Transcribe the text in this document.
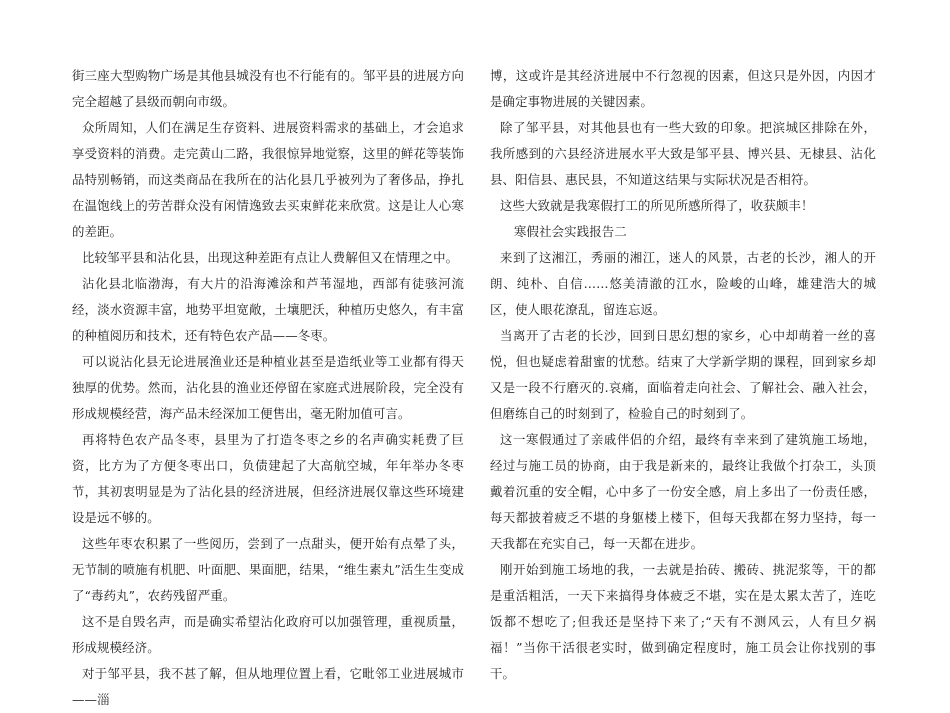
街三座大型购物广场是其他县城没有也不行能有的。邹平县的进展方向完全超越了县级而朝向市级。

众所周知，人们在满足生存资料、进展资料需求的基础上，才会追求享受资料的消费。走完黄山二路，我很惊异地觉察，这里的鲜花等装饰品特别畅销，而这类商品在我所在的沾化县几乎被列为了奢侈品，挣扎在温饱线上的劳苦群众没有闲情逸致去买束鲜花来欣赏。这是让人心寒的差距。

比较邹平县和沾化县，出现这种差距有点让人费解但又在情理之中。

沾化县北临渤海，有大片的沿海滩涂和芦苇湿地，西部有徒骇河流经，淡水资源丰富，地势平坦宽敞，土壤肥沃，种植历史悠久，有丰富的种植阅历和技术，还有特色农产品——冬枣。

可以说沾化县无论进展渔业还是种植业甚至是造纸业等工业都有得天独厚的优势。然而，沾化县的渔业还停留在家庭式进展阶段，完全没有形成规模经营，海产品未经深加工便售出，毫无附加值可言。

再将特色农产品冬枣，县里为了打造冬枣之乡的名声确实耗费了巨资，比方为了方便冬枣出口，负债建起了大高航空城，年年举办冬枣节，其初衷明显是为了沾化县的经济进展，但经济进展仅靠这些环境建设是远不够的。

这些年枣农积累了一些阅历，尝到了一点甜头，便开始有点晕了头，无节制的喷施有机肥、叶面肥、果面肥，结果，“维生素丸”活生生变成了“毒药丸”，农药残留严重。

这不是自毁名声，而是确实希望沾化政府可以加强管理，重视质量，形成规模经济。

对于邹平县，我不甚了解，但从地理位置上看，它毗邻工业进展城市——淄

博，这或许是其经济进展中不行忽视的因素，但这只是外因，内因才是确定事物进展的关键因素。

除了邹平县，对其他县也有一些大致的印象。把滨城区排除在外，我所感到的六县经济进展水平大致是邹平县、博兴县、无棣县、沾化县、阳信县、惠民县，不知道这结果与实际状况是否相符。

这些大致就是我寒假打工的所见所感所得了，收获颇丰！

寒假社会实践报告二

来到了这湘江，秀丽的湘江，迷人的风景，古老的长沙，湘人的开朗、纯朴、自信……悠美清澈的江水，险峻的山峰，雄建浩大的城区，使人眼花潦乱，留连忘返。

当离开了古老的长沙，回到日思幻想的家乡，心中却萌着一丝的喜悦，但也疑虑着甜蜜的忧愁。结束了大学新学期的课程，回到家乡却又是一段不行磨灭的.哀痛，面临着走向社会、了解社会、融入社会，但磨练自己的时刻到了，检验自己的时刻到了。

这一寒假通过了亲戚伴侣的介绍，最终有幸来到了建筑施工场地，经过与施工员的协商，由于我是新来的，最终让我做个打杂工，头顶戴着沉重的安全帽，心中多了一份安全感，肩上多出了一份责任感，每天都披着疲乏不堪的身躯楼上楼下，但每天我都在努力坚持，每一天我都在充实自己，每一天都在进步。

刚开始到施工场地的我，一去就是抬砖、搬砖、挑泥浆等，干的都是重活粗活，一天下来搞得身体疲乏不堪，实在是太累太苦了，连吃饭都不想吃了;但我还是坚持下来了;“天有不测风云，人有旦夕祸福！”当你干活很老实时，做到确定程度时，施工员会让你找别的事干。
